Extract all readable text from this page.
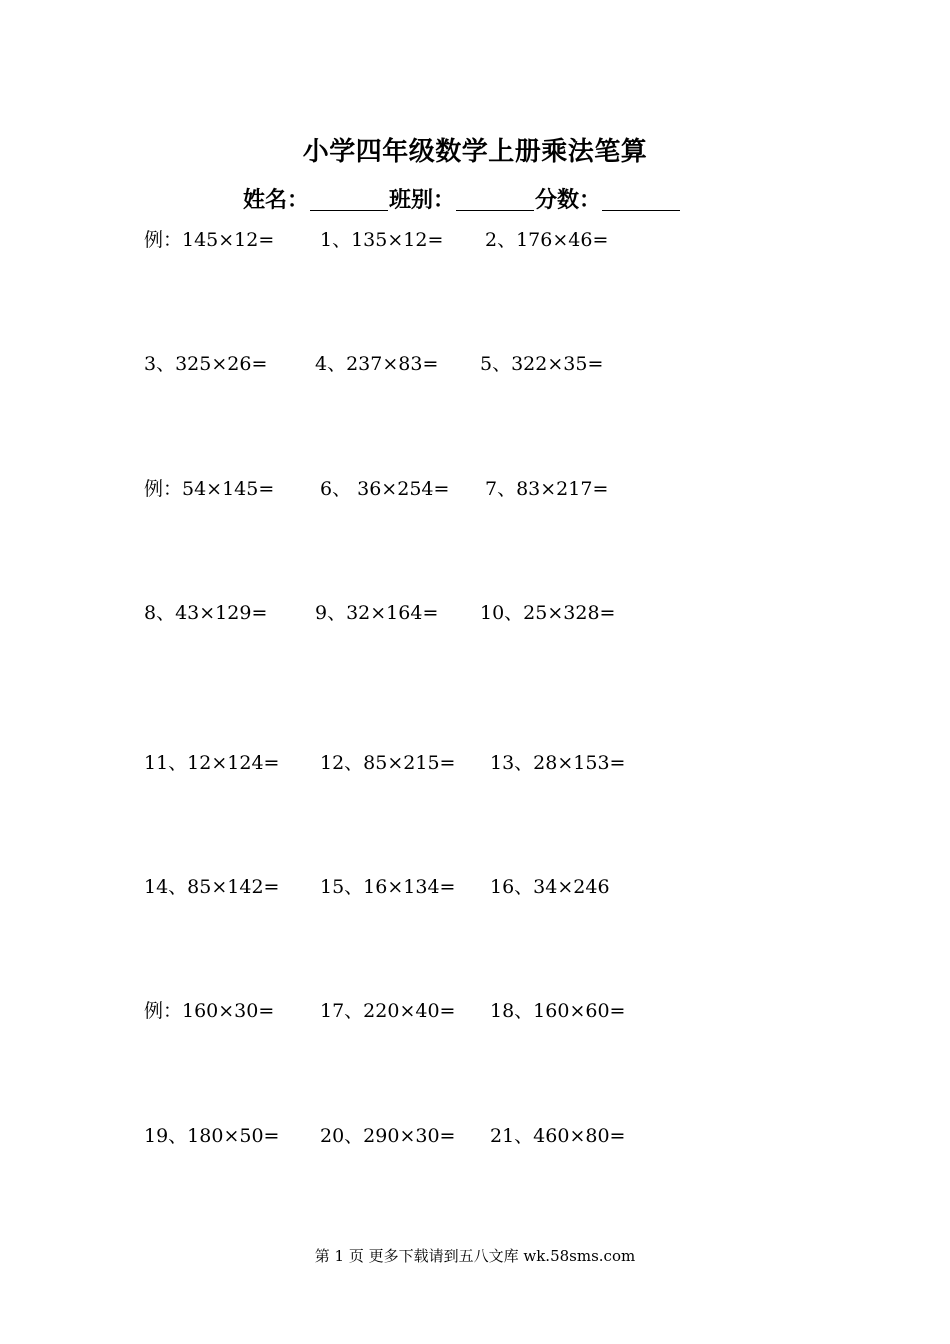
小学四年级数学上册乘法笔算
姓名：	班别：	分数：
例：145×12= 1、135×12= 2、176×46=
3、325×26=	4、237×83= 5、322×35=
例：54×145= 6、 36×254= 7、83×217=
8、43×129=	9、32×164= 10、25×328=
11、12×124= 12、85×215= 13、28×153=
14、85×142= 15、16×134= 16、34×246
例：160×30= 17、220×40= 18、160×60=
19、180×50= 20、290×30= 21、460×80=
第 1 页 更多下载请到五八文库 wk.58sms.com
